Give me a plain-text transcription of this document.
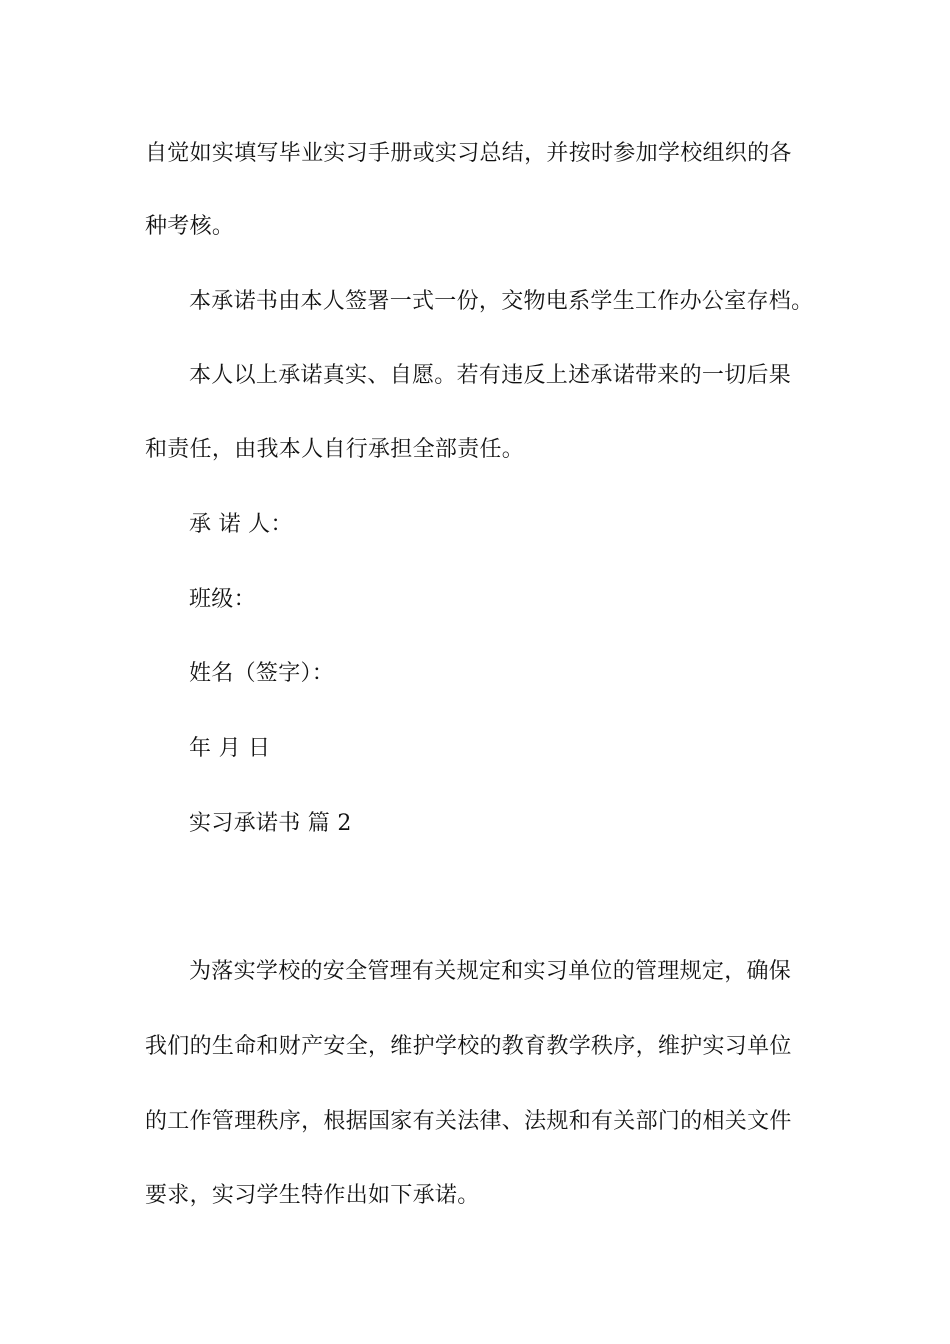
自觉如实填写毕业实习手册或实习总结，并按时参加学校组织的各
种考核。
本承诺书由本人签署一式一份，交物电系学生工作办公室存档。
本人以上承诺真实、自愿。若有违反上述承诺带来的一切后果
和责任，由我本人自行承担全部责任。
承 诺 人：
班级：
姓名（签字）：
年 月 日
实习承诺书 篇 2
为落实学校的安全管理有关规定和实习单位的管理规定，确保
我们的生命和财产安全，维护学校的教育教学秩序，维护实习单位
的工作管理秩序，根据国家有关法律、法规和有关部门的相关文件
要求，实习学生特作出如下承诺。
